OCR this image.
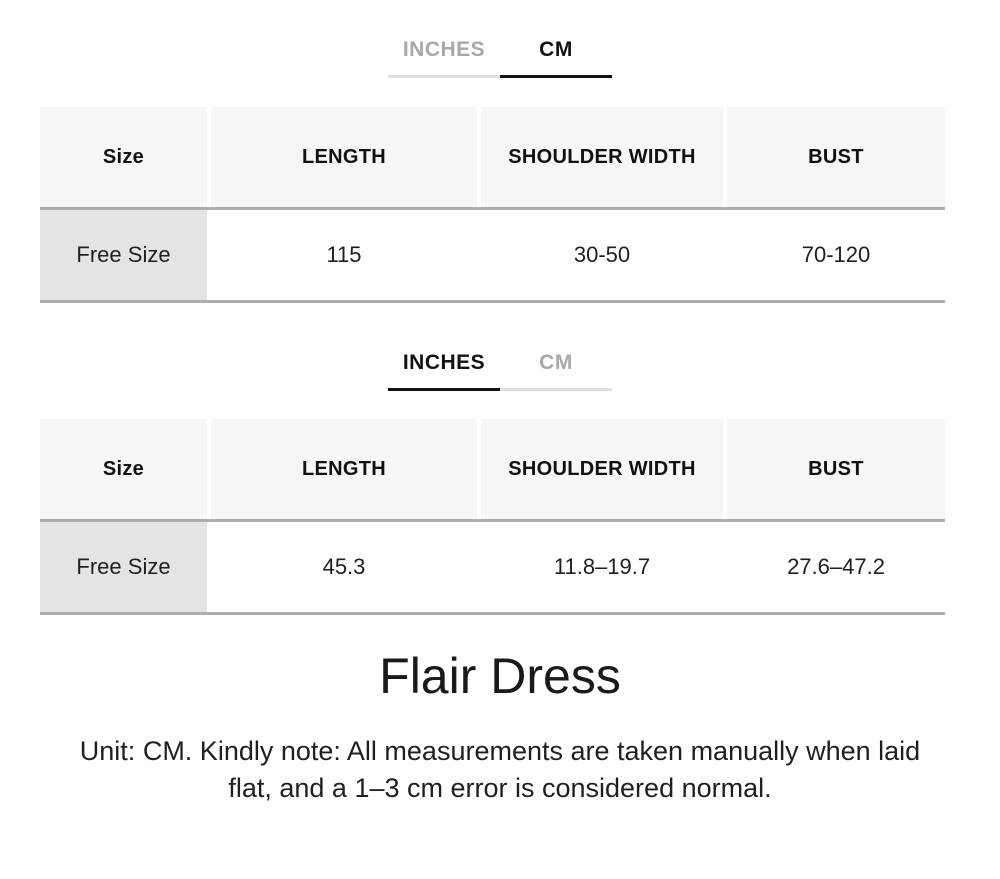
INCHES	CM
Size	LENGTH	SHOULDER WIDTH	BUST
Free Size	115	30-50	70-120
INCHES	CM
Size	LENGTH	SHOULDER WIDTH	BUST
Free Size	45.3	11.8–19.7	27.6–47.2
Flair Dress
Unit: CM. Kindly note: All measurements are taken manually when laid
flat, and a 1–3 cm error is considered normal.
